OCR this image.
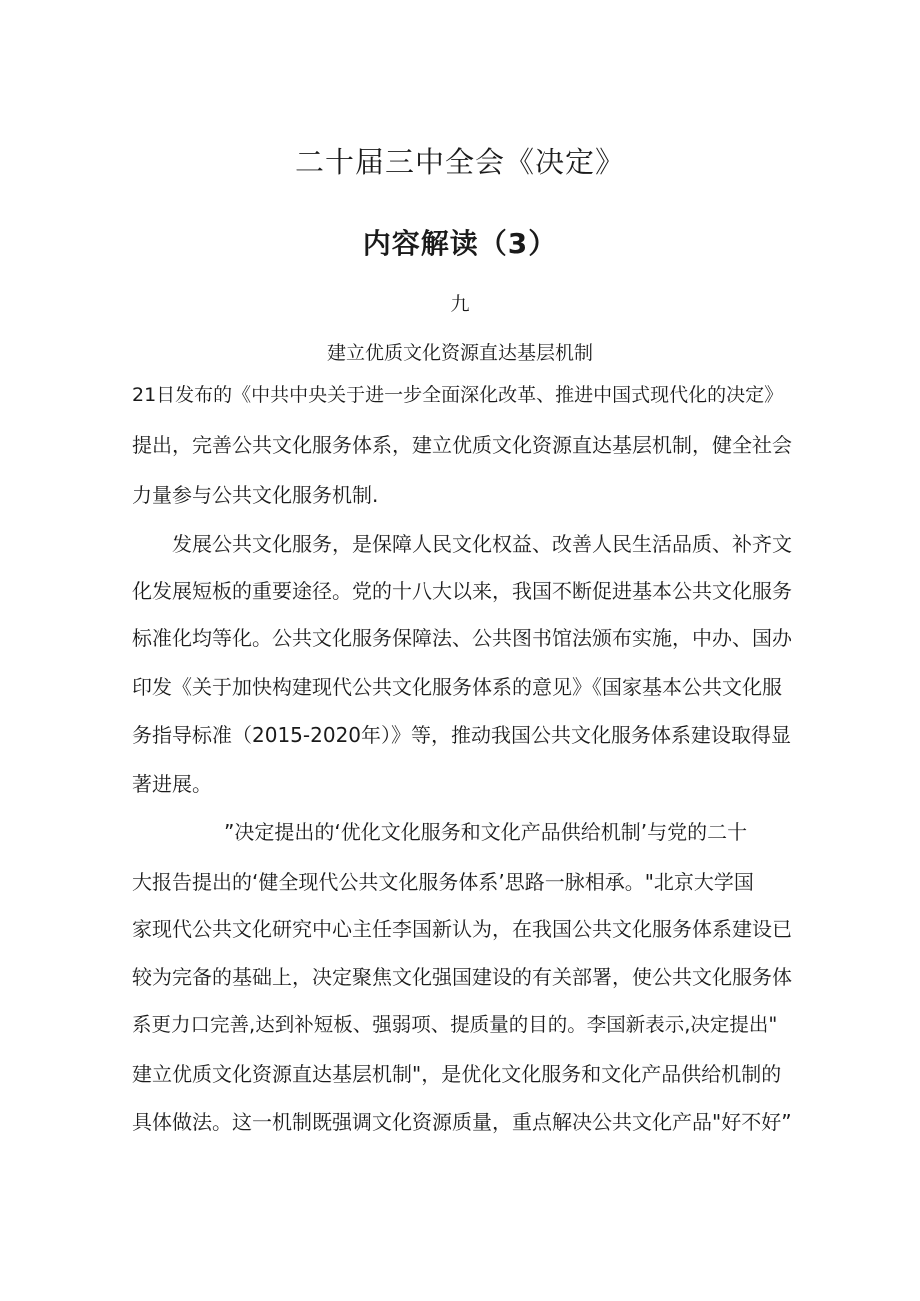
二十届三中全会《决定》
内容解读（3）
九
建立优质文化资源直达基层机制

21日发布的《中共中央关于进一步全面深化改革、推进中国式现代化的决定》

提出，完善公共文化服务体系，建立优质文化资源直达基层机制，健全社会

力量参与公共文化服务机制.

发展公共文化服务，是保障人民文化权益、改善人民生活品质、补齐文

化发展短板的重要途径。党的十八大以来，我国不断促进基本公共文化服务

标准化均等化。公共文化服务保障法、公共图书馆法颁布实施，中办、国办

印发《关于加快构建现代公共文化服务体系的意见》《国家基本公共文化服

务指导标准（2015-2020年）》等，推动我国公共文化服务体系建设取得显

著进展。

”决定提出的‘优化文化服务和文化产品供给机制’与党的二十

大报告提出的‘健全现代公共文化服务体系’思路一脉相承。"北京大学国

家现代公共文化研究中心主任李国新认为，在我国公共文化服务体系建设已

较为完备的基础上，决定聚焦文化强国建设的有关部署，使公共文化服务体

系更力口完善,达到补短板、强弱项、提质量的目的。李国新表示,决定提出"

建立优质文化资源直达基层机制"，是优化文化服务和文化产品供给机制的

具体做法。这一机制既强调文化资源质量，重点解决公共文化产品"好不好”
